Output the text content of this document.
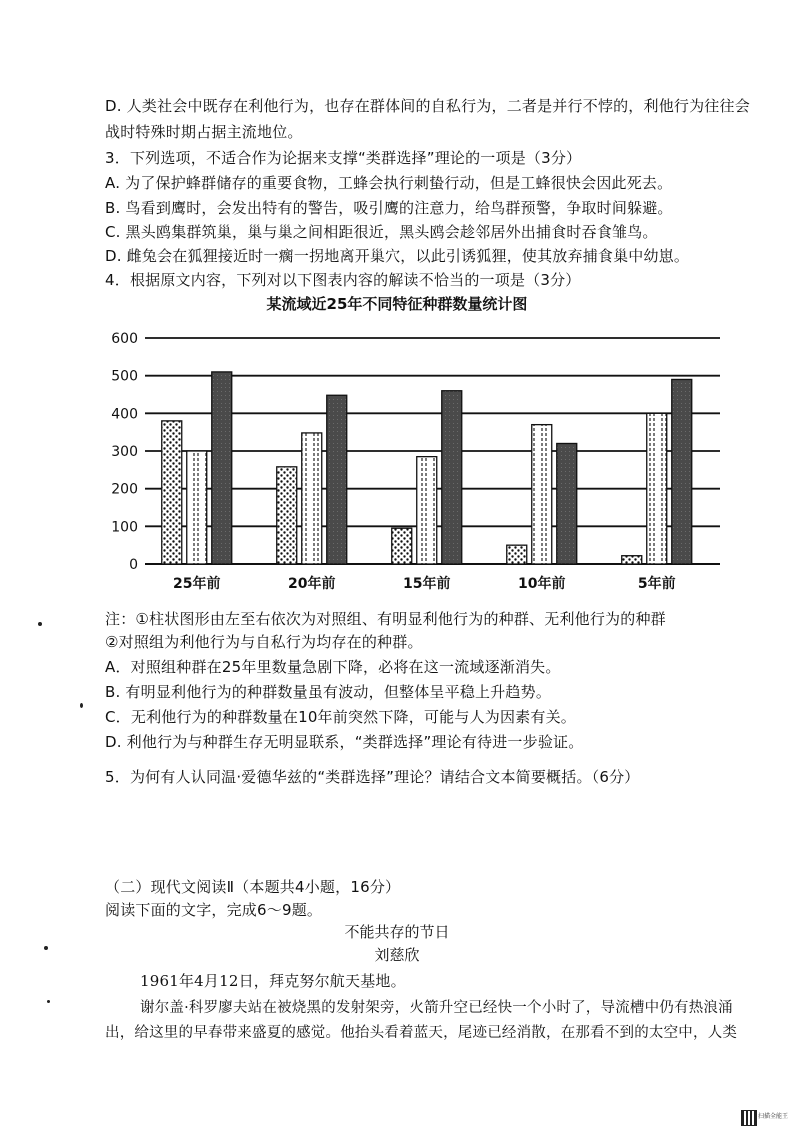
D. 人类社会中既存在利他行为，也存在群体间的自私行为，二者是并行不悖的，利他行为往往会
战时特殊时期占据主流地位。
3．下列选项，不适合作为论据来支撑“类群选择”理论的一项是（3分）
A. 为了保护蜂群储存的重要食物，工蜂会执行刺蛰行动，但是工蜂很快会因此死去。
B. 鸟看到鹰时，会发出特有的警告，吸引鹰的注意力，给鸟群预警，争取时间躲避。
C. 黑头鸥集群筑巢，巢与巢之间相距很近，黑头鸥会趁邻居外出捕食时吞食雏鸟。
D. 雌兔会在狐狸接近时一瘸一拐地离开巢穴，以此引诱狐狸，使其放弃捕食巢中幼崽。
4．根据原文内容，下列对以下图表内容的解读不恰当的一项是（3分）
某流域近25年不同特征种群数量统计图
0
100
200
300
400
500
600
25年前	20年前	15年前	10年前	5年前
注：①柱状图形由左至右依次为对照组、有明显利他行为的种群、无利他行为的种群
②对照组为利他行为与自私行为均存在的种群。
A．对照组种群在25年里数量急剧下降，必将在这一流域逐渐消失。
B. 有明显利他行为的种群数量虽有波动，但整体呈平稳上升趋势。
C．无利他行为的种群数量在10年前突然下降，可能与人为因素有关。
D. 利他行为与种群生存无明显联系，“类群选择”理论有待进一步验证。
5．为何有人认同温·爱德华兹的“类群选择”理论？请结合文本简要概括。（6分）
（二）现代文阅读Ⅱ（本题共4小题，16分）
阅读下面的文字，完成6～9题。
不能共存的节日
刘慈欣
1961年4月12日，拜克努尔航天基地。
谢尔盖·科罗廖夫站在被烧黑的发射架旁，火箭升空已经快一个小时了，导流槽中仍有热浪涌
出，给这里的早春带来盛夏的感觉。他抬头看着蓝天，尾迹已经消散，在那看不到的太空中，人类
扫描全能王
